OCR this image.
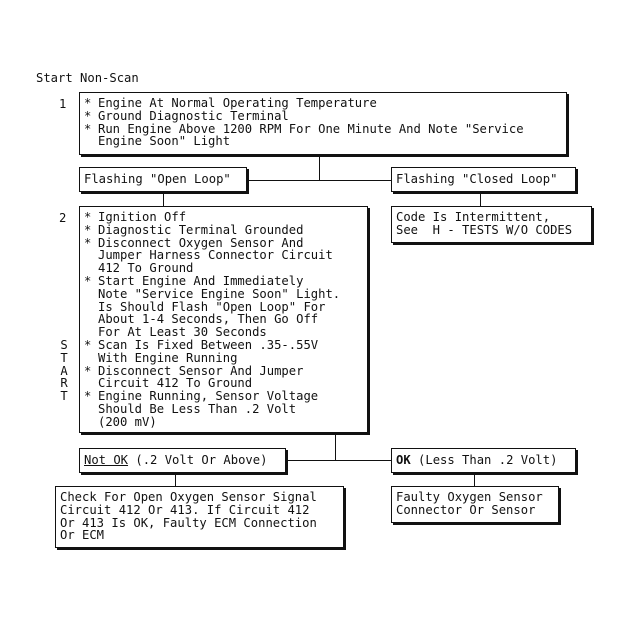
Start Non-Scan
1 * Engine At Normal Operating Temperature
* Ground Diagnostic Terminal
* Run Engine Above 1200 RPM For One Minute And Note "Service
Engine Soon" Light
Flashing "Open Loop"	Flashing "Closed Loop"
Code Is Intermittent,
See  H - TESTS W/O CODES
2
S
T
A
R
T
* Ignition Off
* Diagnostic Terminal Grounded
* Disconnect Oxygen Sensor And
Jumper Harness Connector Circuit
412 To Ground
* Start Engine And Immediately
Note "Service Engine Soon" Light.
Is Should Flash "Open Loop" For
About 1-4 Seconds, Then Go Off
For At Least 30 Seconds
* Scan Is Fixed Between .35-.55V
With Engine Running
* Disconnect Sensor And Jumper
Circuit 412 To Ground
* Engine Running, Sensor Voltage
Should Be Less Than .2 Volt
(200 mV)
Not OK (.2 Volt Or Above)	OK (Less Than .2 Volt)
Check For Open Oxygen Sensor Signal
Circuit 412 Or 413. If Circuit 412
Or 413 Is OK, Faulty ECM Connection
Or ECM
Faulty Oxygen Sensor
Connector Or Sensor
